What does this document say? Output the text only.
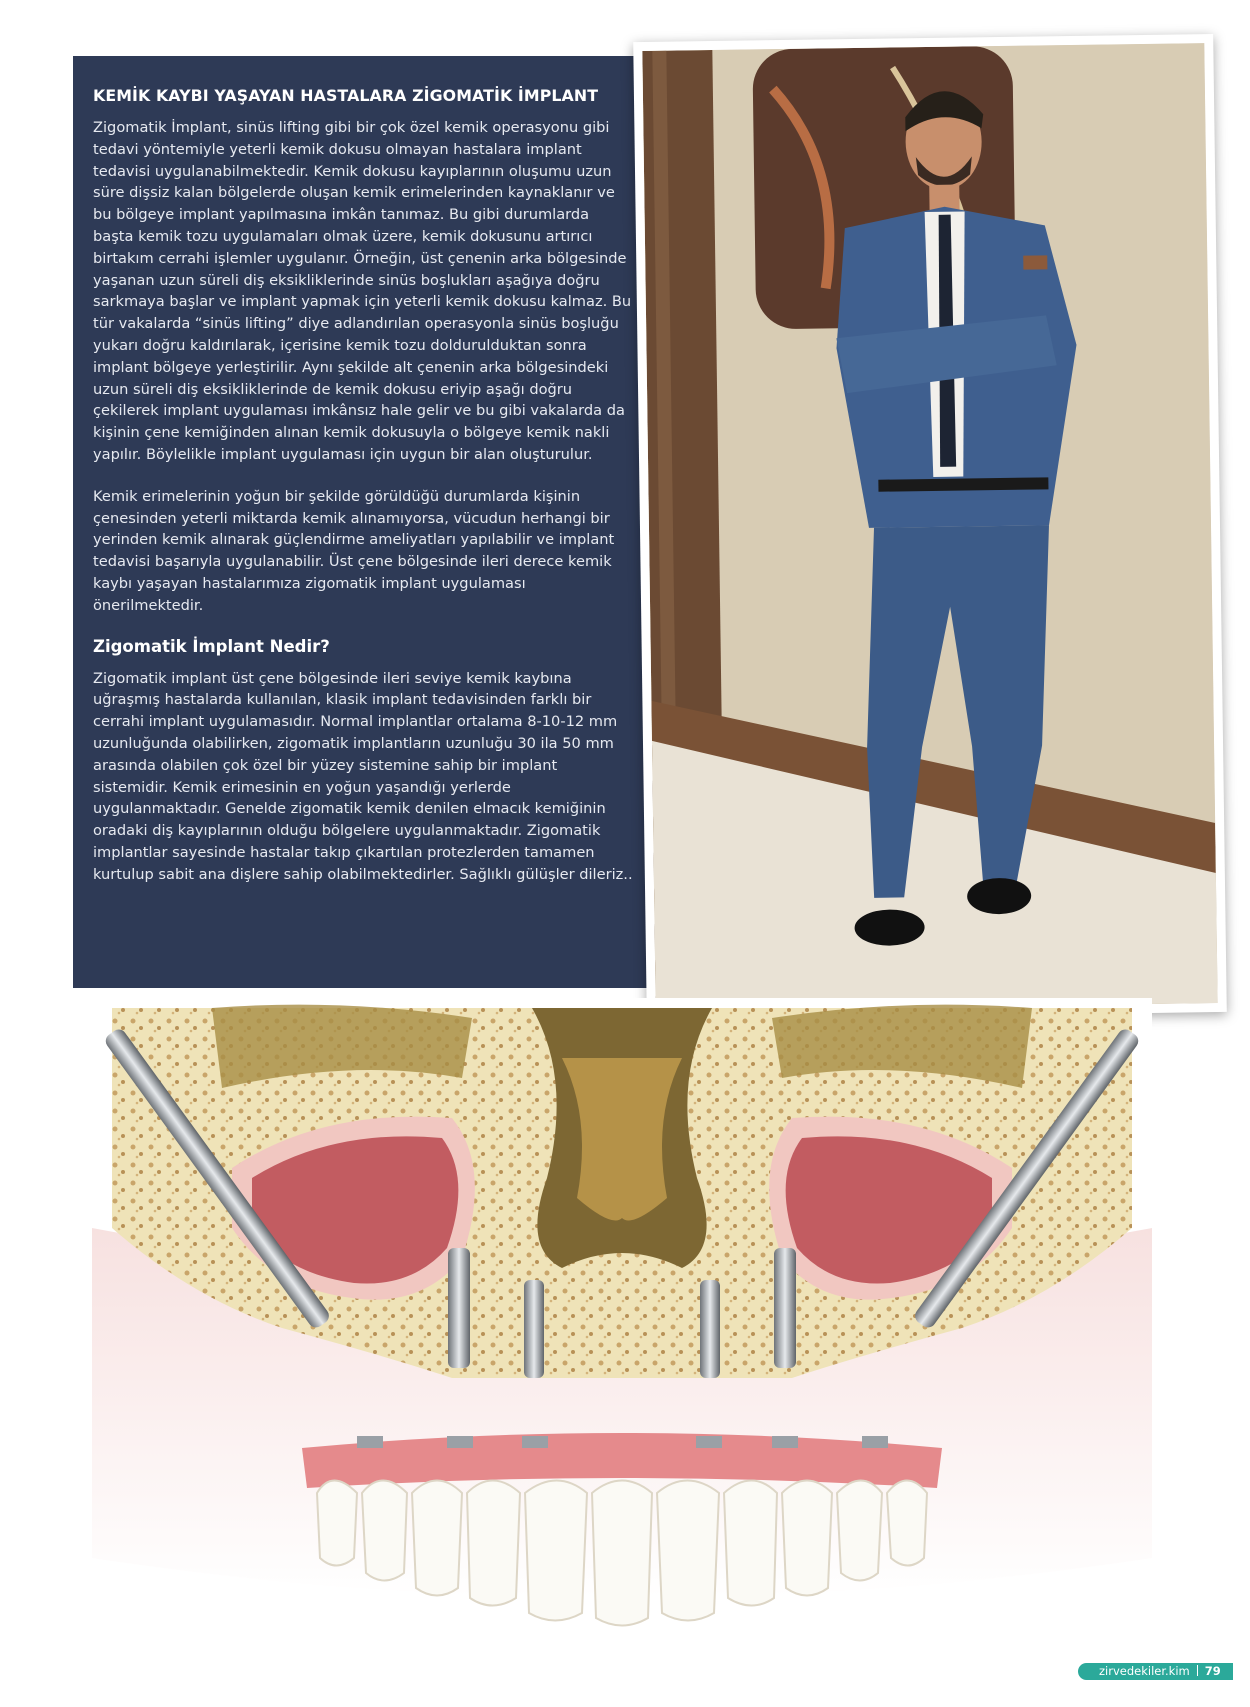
KEMİK KAYBI YAŞAYAN HASTALARA ZİGOMATİK İMPLANT

Zigomatik İmplant, sinüs lifting gibi bir çok özel kemik operasyonu gibi tedavi yöntemiyle yeterli kemik dokusu olmayan hastalara implant tedavisi uygulanabilmektedir. Kemik dokusu kayıplarının oluşumu uzun süre dişsiz kalan bölgelerde oluşan kemik erimelerinden kaynaklanır ve bu bölgeye implant yapılmasına imkân tanımaz. Bu gibi durumlarda başta kemik tozu uygulamaları olmak üzere, kemik dokusunu artırıcı birtakım cerrahi işlemler uygulanır. Örneğin, üst çenenin arka bölgesinde yaşanan uzun süreli diş eksikliklerinde sinüs boşlukları aşağıya doğru sarkmaya başlar ve implant yapmak için yeterli kemik dokusu kalmaz. Bu tür vakalarda “sinüs lifting” diye adlandırılan operasyonla sinüs boşluğu yukarı doğru kaldırılarak, içerisine kemik tozu doldurulduktan sonra implant bölgeye yerleştirilir. Aynı şekilde alt çenenin arka bölgesindeki uzun süreli diş eksikliklerinde de kemik dokusu eriyip aşağı doğru çekilerek implant uygulaması imkânsız hale gelir ve bu gibi vakalarda da kişinin çene kemiğinden alınan kemik dokusuyla o bölgeye kemik nakli yapılır. Böylelikle implant uygulaması için uygun bir alan oluşturulur.

Kemik erimelerinin yoğun bir şekilde görüldüğü durumlarda kişinin çenesinden yeterli miktarda kemik alınamıyorsa, vücudun herhangi bir yerinden kemik alınarak güçlendirme ameliyatları yapılabilir ve implant tedavisi başarıyla uygulanabilir. Üst çene bölgesinde ileri derece kemik kaybı yaşayan hastalarımıza zigomatik implant uygulaması önerilmektedir.

Zigomatik İmplant Nedir?

Zigomatik implant üst çene bölgesinde ileri seviye kemik kaybına uğraşmış hastalarda kullanılan, klasik implant tedavisinden farklı bir cerrahi implant uygulamasıdır. Normal implantlar ortalama 8-10-12 mm uzunluğunda olabilirken, zigomatik implantların uzunluğu 30 ila 50 mm arasında olabilen çok özel bir yüzey sistemine sahip bir implant sistemidir. Kemik erimesinin en yoğun yaşandığı yerlerde uygulanmaktadır. Genelde zigomatik kemik denilen elmacık kemiğinin oradaki diş kayıplarının olduğu bölgelere uygulanmaktadır. Zigomatik implantlar sayesinde hastalar takıp çıkartılan protezlerden tamamen kurtulup sabit ana dişlere sahip olabilmektedirler. Sağlıklı gülüşler dileriz..

zirvedekiler.kim 79
